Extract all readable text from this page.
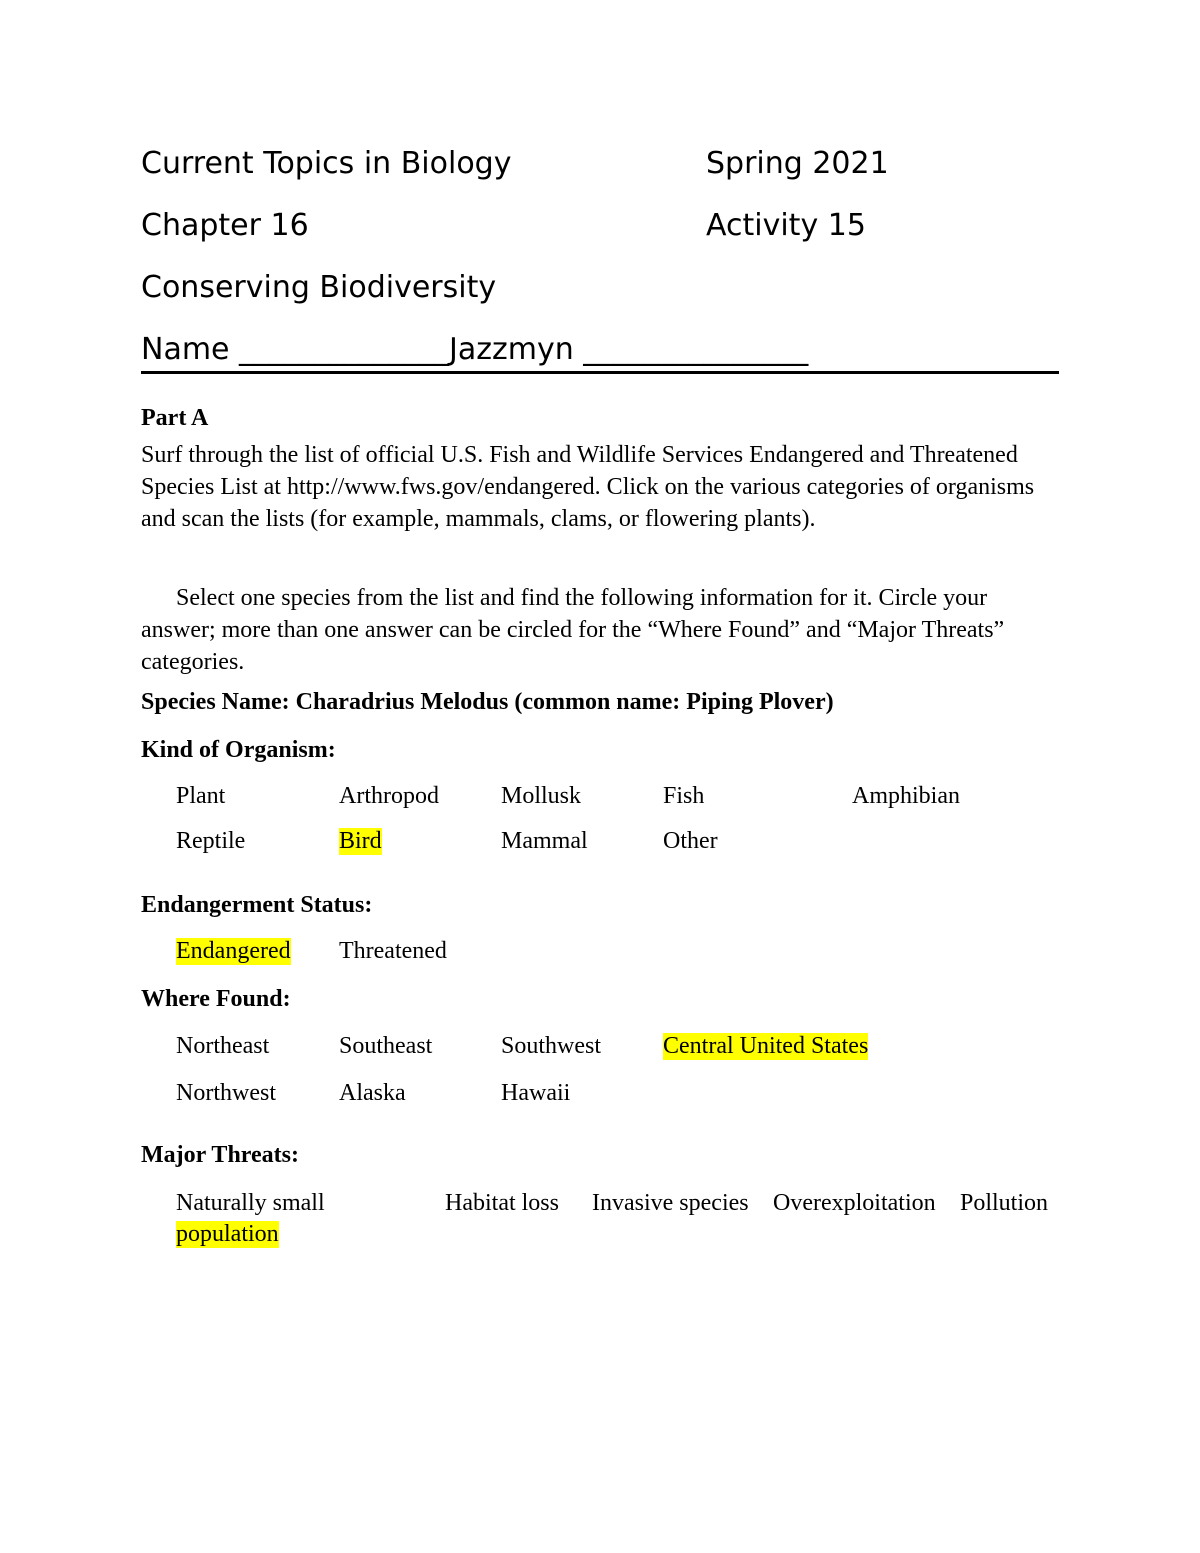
Current Topics in Biology	Spring 2021
Chapter 16	Activity 15
Conserving Biodiversity
Name ______________Jazzmyn _______________
Part A
Surf through the list of official U.S. Fish and Wildlife Services Endangered and Threatened Species List at http://www.fws.gov/endangered. Click on the various categories of organisms and scan the lists (for example, mammals, clams, or flowering plants).
Select one species from the list and find the following information for it. Circle your answer; more than one answer can be circled for the “Where Found” and “Major Threats” categories.
Species Name: Charadrius Melodus (common name: Piping Plover)
Kind of Organism:
Plant	Arthropod	Mollusk	Fish	Amphibian
Reptile	Bird	Mammal	Other
Endangerment Status:
Endangered Threatened
Where Found:
Northeast	Southeast	Southwest	Central United States
Northwest	Alaska	Hawaii
Major Threats:
Naturally small
population
Habitat loss Invasive species Overexploitation Pollution
